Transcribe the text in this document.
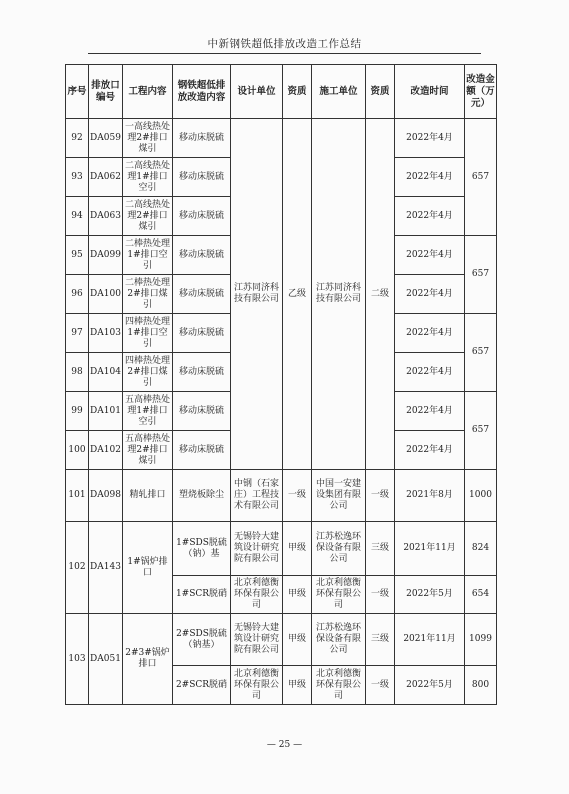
中新钢铁超低排放改造工作总结
序号	排放口编号	工程内容	钢铁超低排放改造内容	设计单位	资质	施工单位	资质	改造时间	改造金额（万元）
92	DA059	一高线热处理2#排口煤引	移动床脱硫	江苏同济科技有限公司	乙级	江苏同济科技有限公司	二级	2022年4月	657
93	DA062	二高线热处理1#排口空引	移动床脱硫					2022年4月	
94	DA063	二高线热处理2#排口煤引	移动床脱硫					2022年4月	
95	DA099	二棒热处理1#排口空引	移动床脱硫					2022年4月	657
96	DA100	二棒热处理2#排口煤引	移动床脱硫					2022年4月	
97	DA103	四棒热处理1#排口空引	移动床脱硫					2022年4月	657
98	DA104	四棒热处理2#排口煤引	移动床脱硫					2022年4月	
99	DA101	五高棒热处理1#排口空引	移动床脱硫					2022年4月	657
100	DA102	五高棒热处理2#排口煤引	移动床脱硫					2022年4月	
101	DA098	精轧排口	塑烧板除尘	中钢（石家庄）工程技术有限公司	一级	中国一安建设集团有限公司	一级	2021年8月	1000
102	DA143	1#锅炉排口	1#SDS脱硫（钠）基	无锡铃大建筑设计研究院有限公司	甲级	江苏松逸环保设备有限公司	三级	2021年11月	824
			1#SCR脱硝	北京利德衡环保有限公司	甲级	北京利德衡环保有限公司	一级	2022年5月	654
103	DA051	2#3#锅炉排口	2#SDS脱硫（钠基）	无锡铃大建筑设计研究院有限公司	甲级	江苏松逸环保设备有限公司	三级	2021年11月	1099
			2#SCR脱硝	北京利德衡环保有限公司	甲级	北京利德衡环保有限公司	一级	2022年5月	800
— 25 —
